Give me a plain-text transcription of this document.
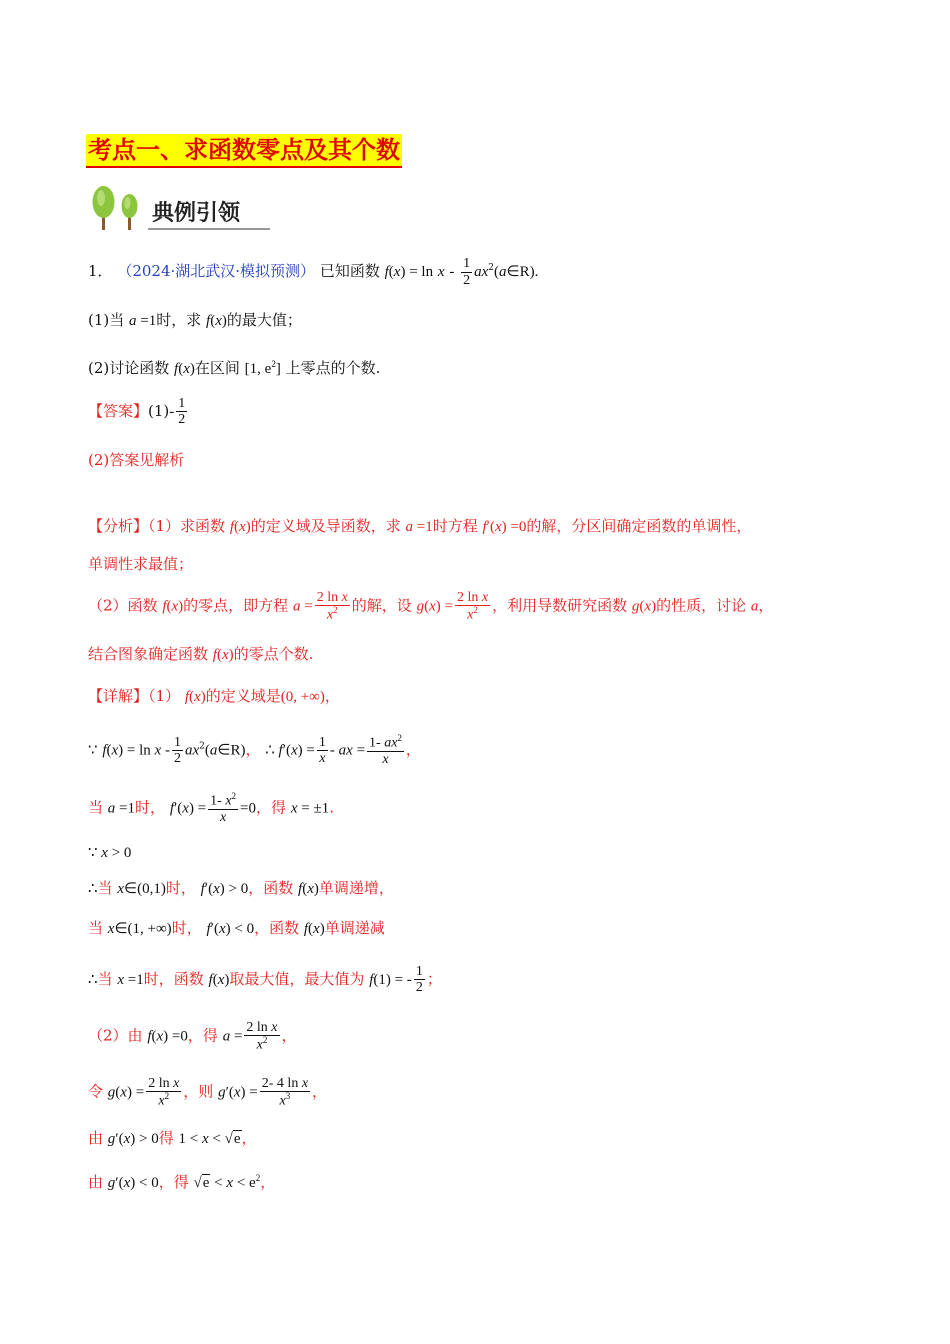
考点一、求函数零点及其个数
典例引领
1． （2024·湖北武汉·模拟预测） 已知函数 $f(x) = \ln x - \frac{1}{2}$ $ax^2(a\in R)$.
(1)当 a =1时，求 f(x)的最大值；
(2)讨论函数 f(x)在区间 [1, $e^2$] 上零点的个数.
【答案】$(1)- \frac{1}{2}$
(2)答案见解析
【分析】（1）求函数 f(x)的定义域及导函数，求 a =1时方程 f′(x) =0的解，分区间确定函数的单调性，
单调性求最值；
（2）函数 f(x)的零点，即方程 $a = \frac{\text{2 ln x}}{x^2}$ 的解，设 $g(x) = \frac{\text{2 ln x}}{x^2}$ ，利用导数研究函数 g(x)的性质，讨论 a，
结合图象确定函数 f(x)的零点个数.
【详解】（1） f(x)的定义域是(0, +∞)，
∵ $f(x) = \ln x - \frac{1}{2}$ $ax^2(a\in R)$， ∴ $f'(x) = \frac{1}{x}$ - ax = $\frac{1- ax^2}{x}$ ，
当 a =1时， $f'(x) = \frac{1- x^2}{x} =0$，得 x = ±1.
∵ x > 0
∴当 x∈(0,1)时， f′(x) > 0，函数 f(x)单调递增，
当 x∈(1, +∞)时， f′(x) < 0，函数 f(x)单调递减
∴当 x =1时，函数 f(x)取最大值，最大值为 f(1) = - $\frac{1}{2}$ ；
（2）由 f(x) =0，得 $a = \frac{\text{2 ln x}}{x^2}$ ，
令 $g(x) = \frac{\text{2 ln x}}{x^2}$ ，则 $g'(x) = \frac{\text{2- 4 ln x}}{x^3}$ ，
由 g′(x) > 0得 1 < x < √e，
由 g′(x) < 0，得 $√e < x < e^2$，
